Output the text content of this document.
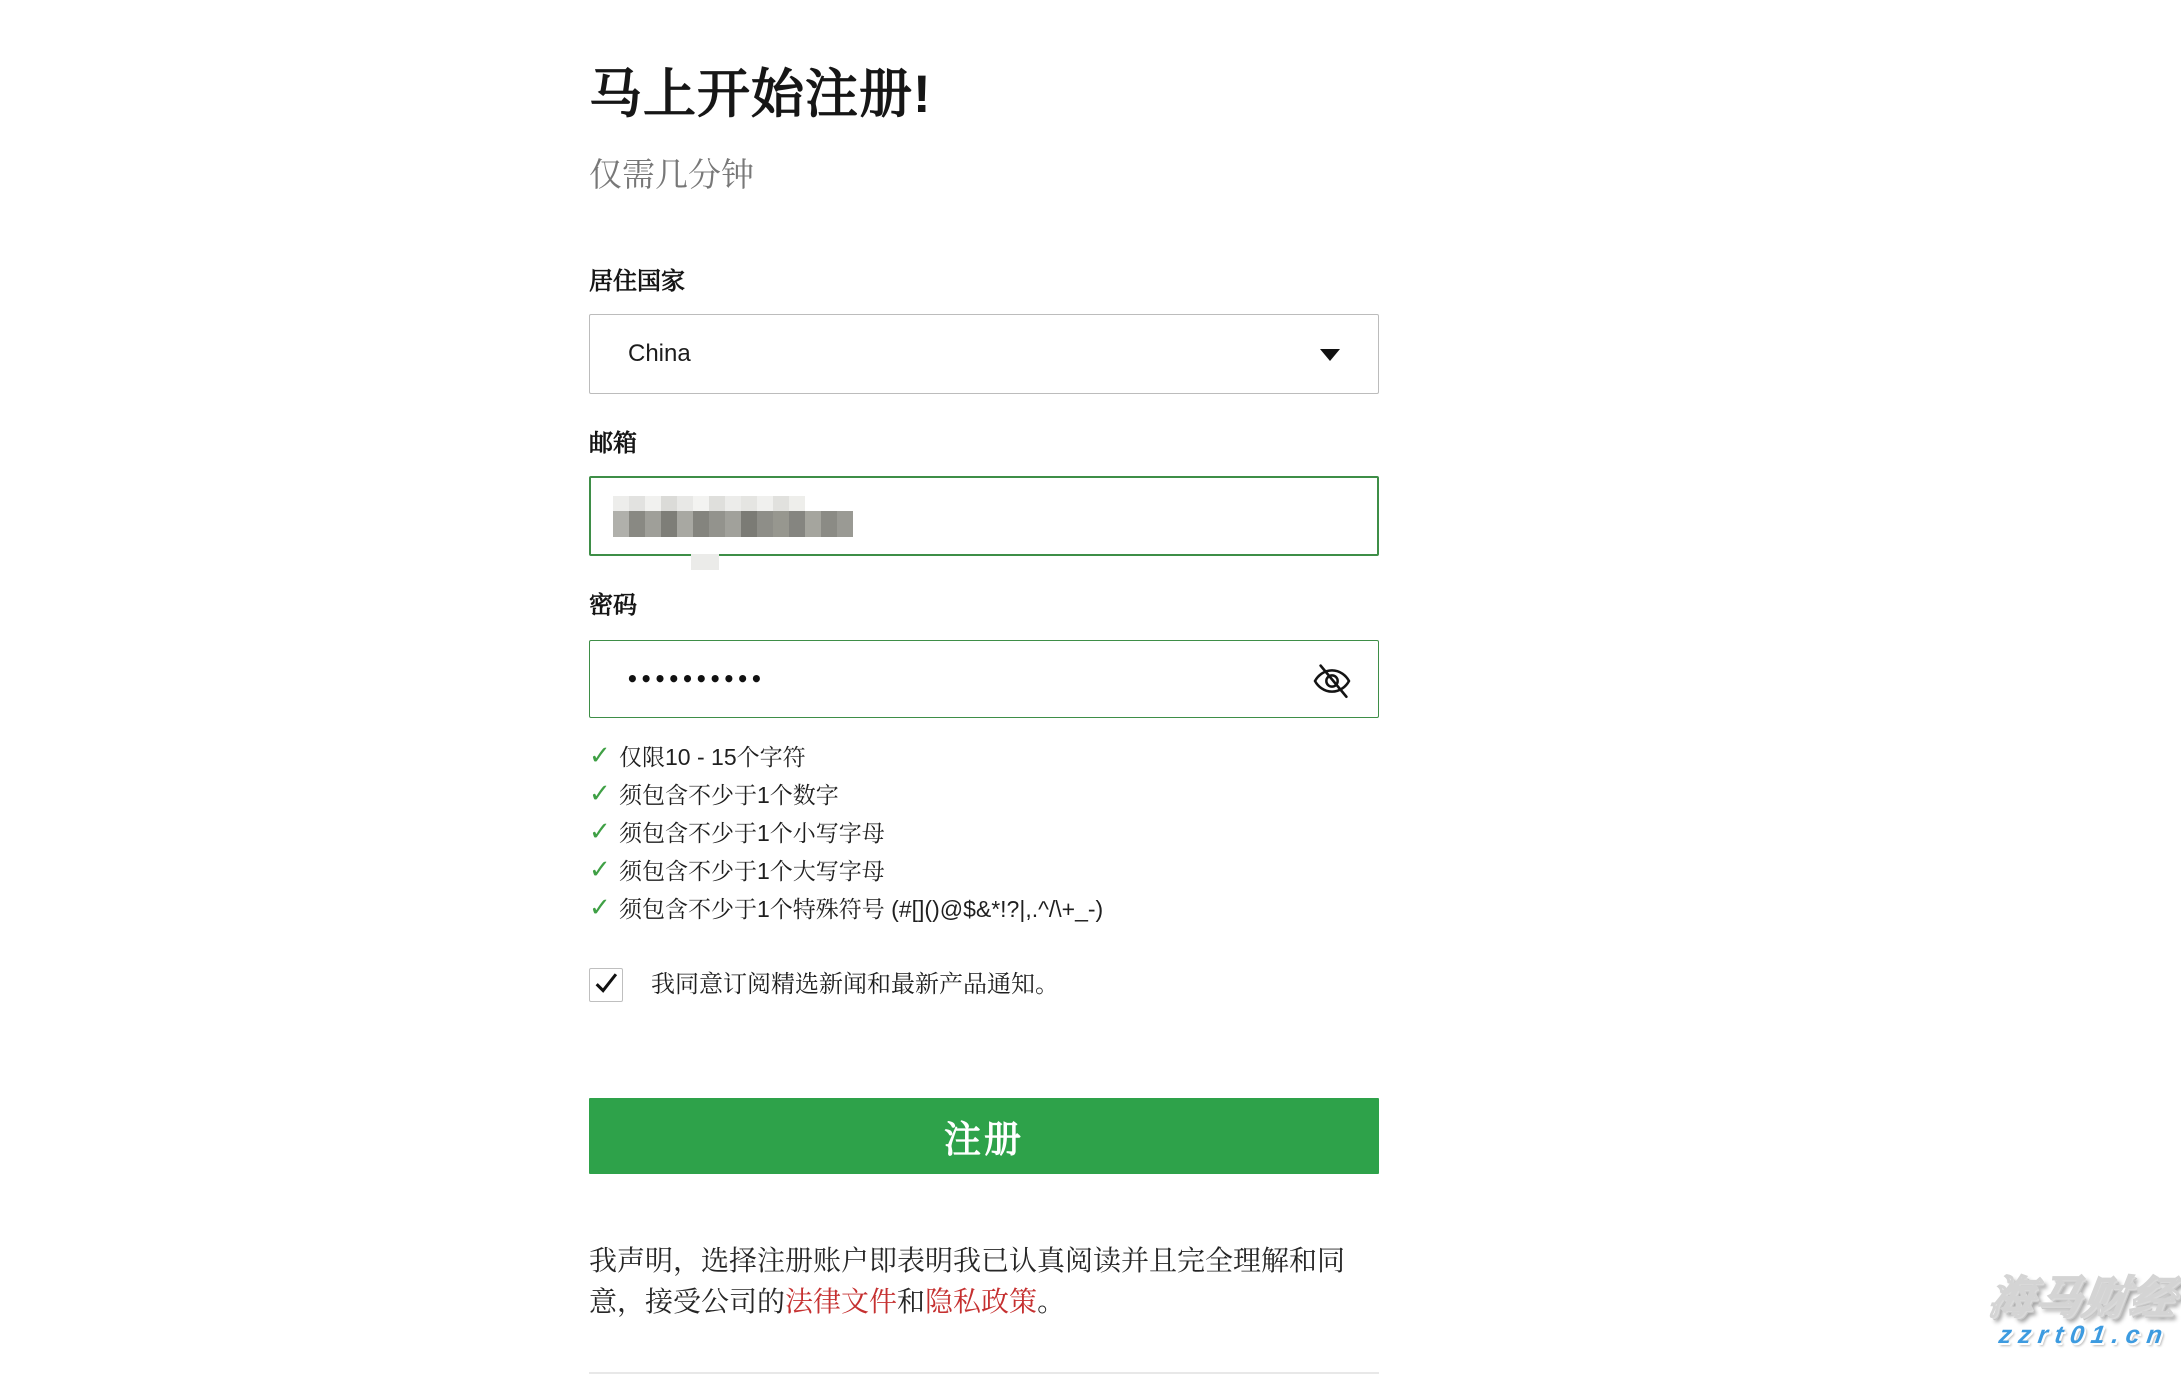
马上开始注册!
仅需几分钟
居住国家
China
邮箱
密码
••••••••••
✓ 仅限10 - 15个字符
✓ 须包含不少于1个数字
✓ 须包含不少于1个小写字母
✓ 须包含不少于1个大写字母
✓ 须包含不少于1个特殊符号 (#[]()@$&*!?|,.^/\+_-)
我同意订阅精选新闻和最新产品通知。
注册
我声明，选择注册账户即表明我已认真阅读并且完全理解和同
意，接受公司的法律文件和隐私政策。	海马财经
zzrt01.cn
